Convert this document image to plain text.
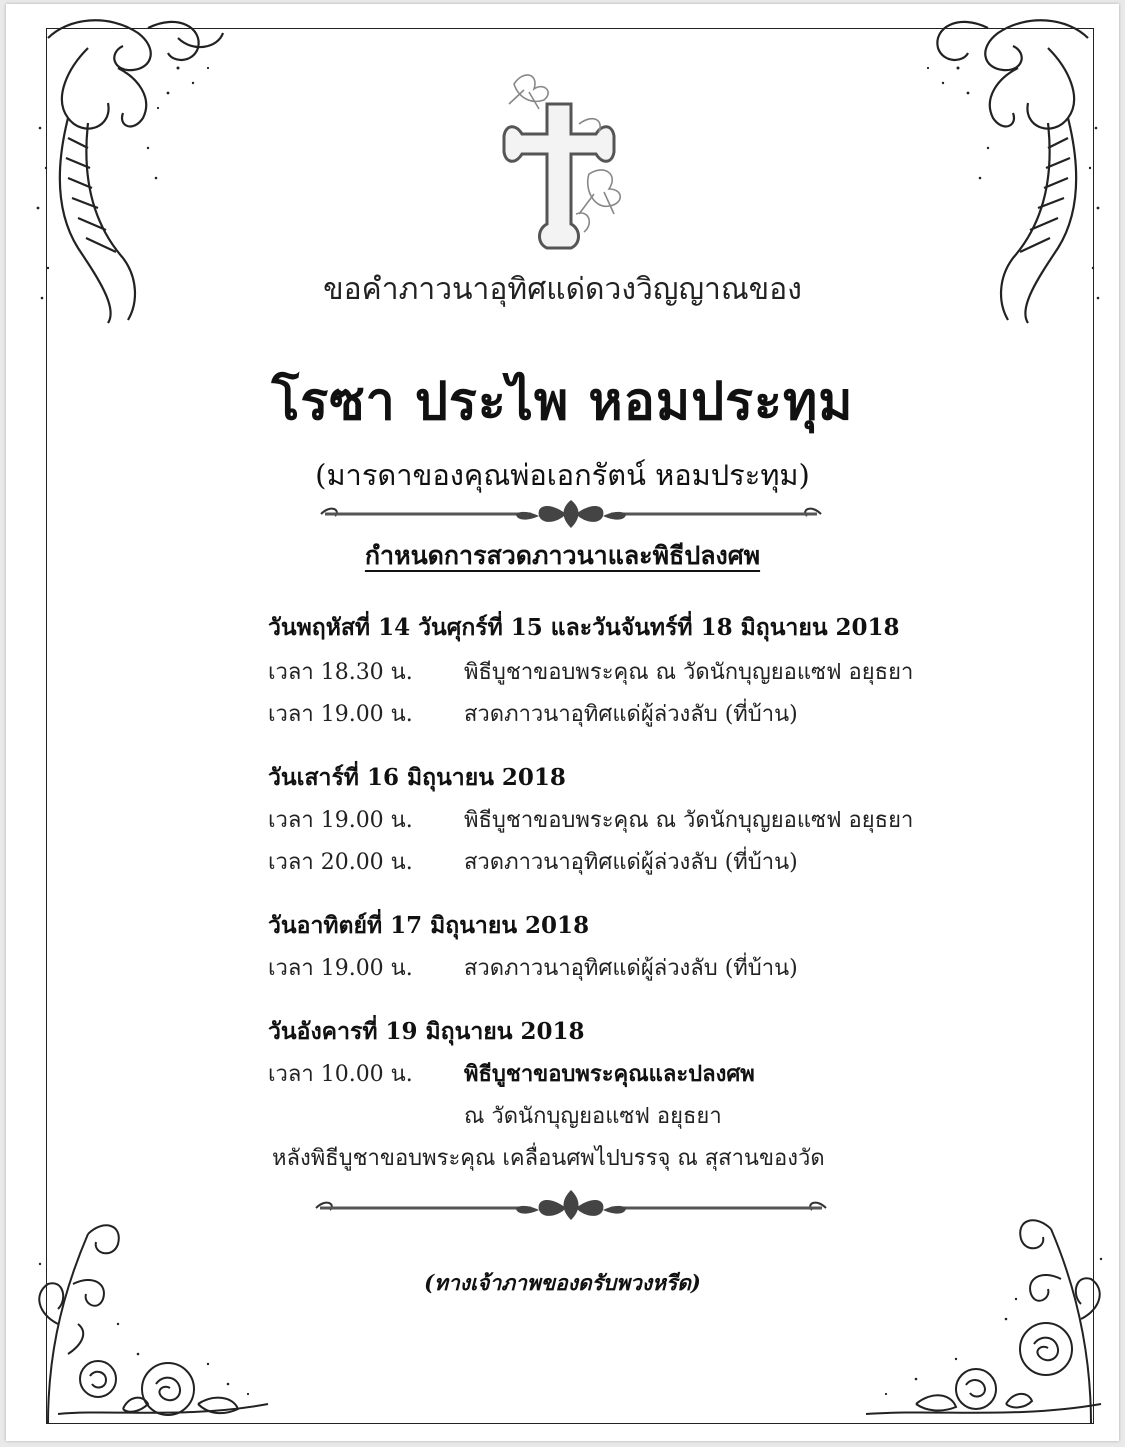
ขอคำภาวนาอุทิศแด่ดวงวิญญาณของ
โรซา ประไพ หอมประทุม
(มารดาของคุณพ่อเอกรัตน์ หอมประทุม)
กำหนดการสวดภาวนาและพิธีปลงศพ
วันพฤหัสที่ 14 วันศุกร์ที่ 15 และวันจันทร์ที่ 18 มิถุนายน 2018
เวลา 18.30 น. พิธีบูชาขอบพระคุณ ณ วัดนักบุญยอแซฟ อยุธยา
เวลา 19.00 น. สวดภาวนาอุทิศแด่ผู้ล่วงลับ (ที่บ้าน)
วันเสาร์ที่ 16 มิถุนายน 2018
เวลา 19.00 น. พิธีบูชาขอบพระคุณ ณ วัดนักบุญยอแซฟ อยุธยา
เวลา 20.00 น. สวดภาวนาอุทิศแด่ผู้ล่วงลับ (ที่บ้าน)
วันอาทิตย์ที่ 17 มิถุนายน 2018
เวลา 19.00 น. สวดภาวนาอุทิศแด่ผู้ล่วงลับ (ที่บ้าน)
วันอังคารที่ 19 มิถุนายน 2018
เวลา 10.00 น. พิธีบูชาขอบพระคุณและปลงศพ
ณ วัดนักบุญยอแซฟ อยุธยา
หลังพิธีบูชาขอบพระคุณ เคลื่อนศพไปบรรจุ ณ สุสานของวัด
(ทางเจ้าภาพของดรับพวงหรีด)
